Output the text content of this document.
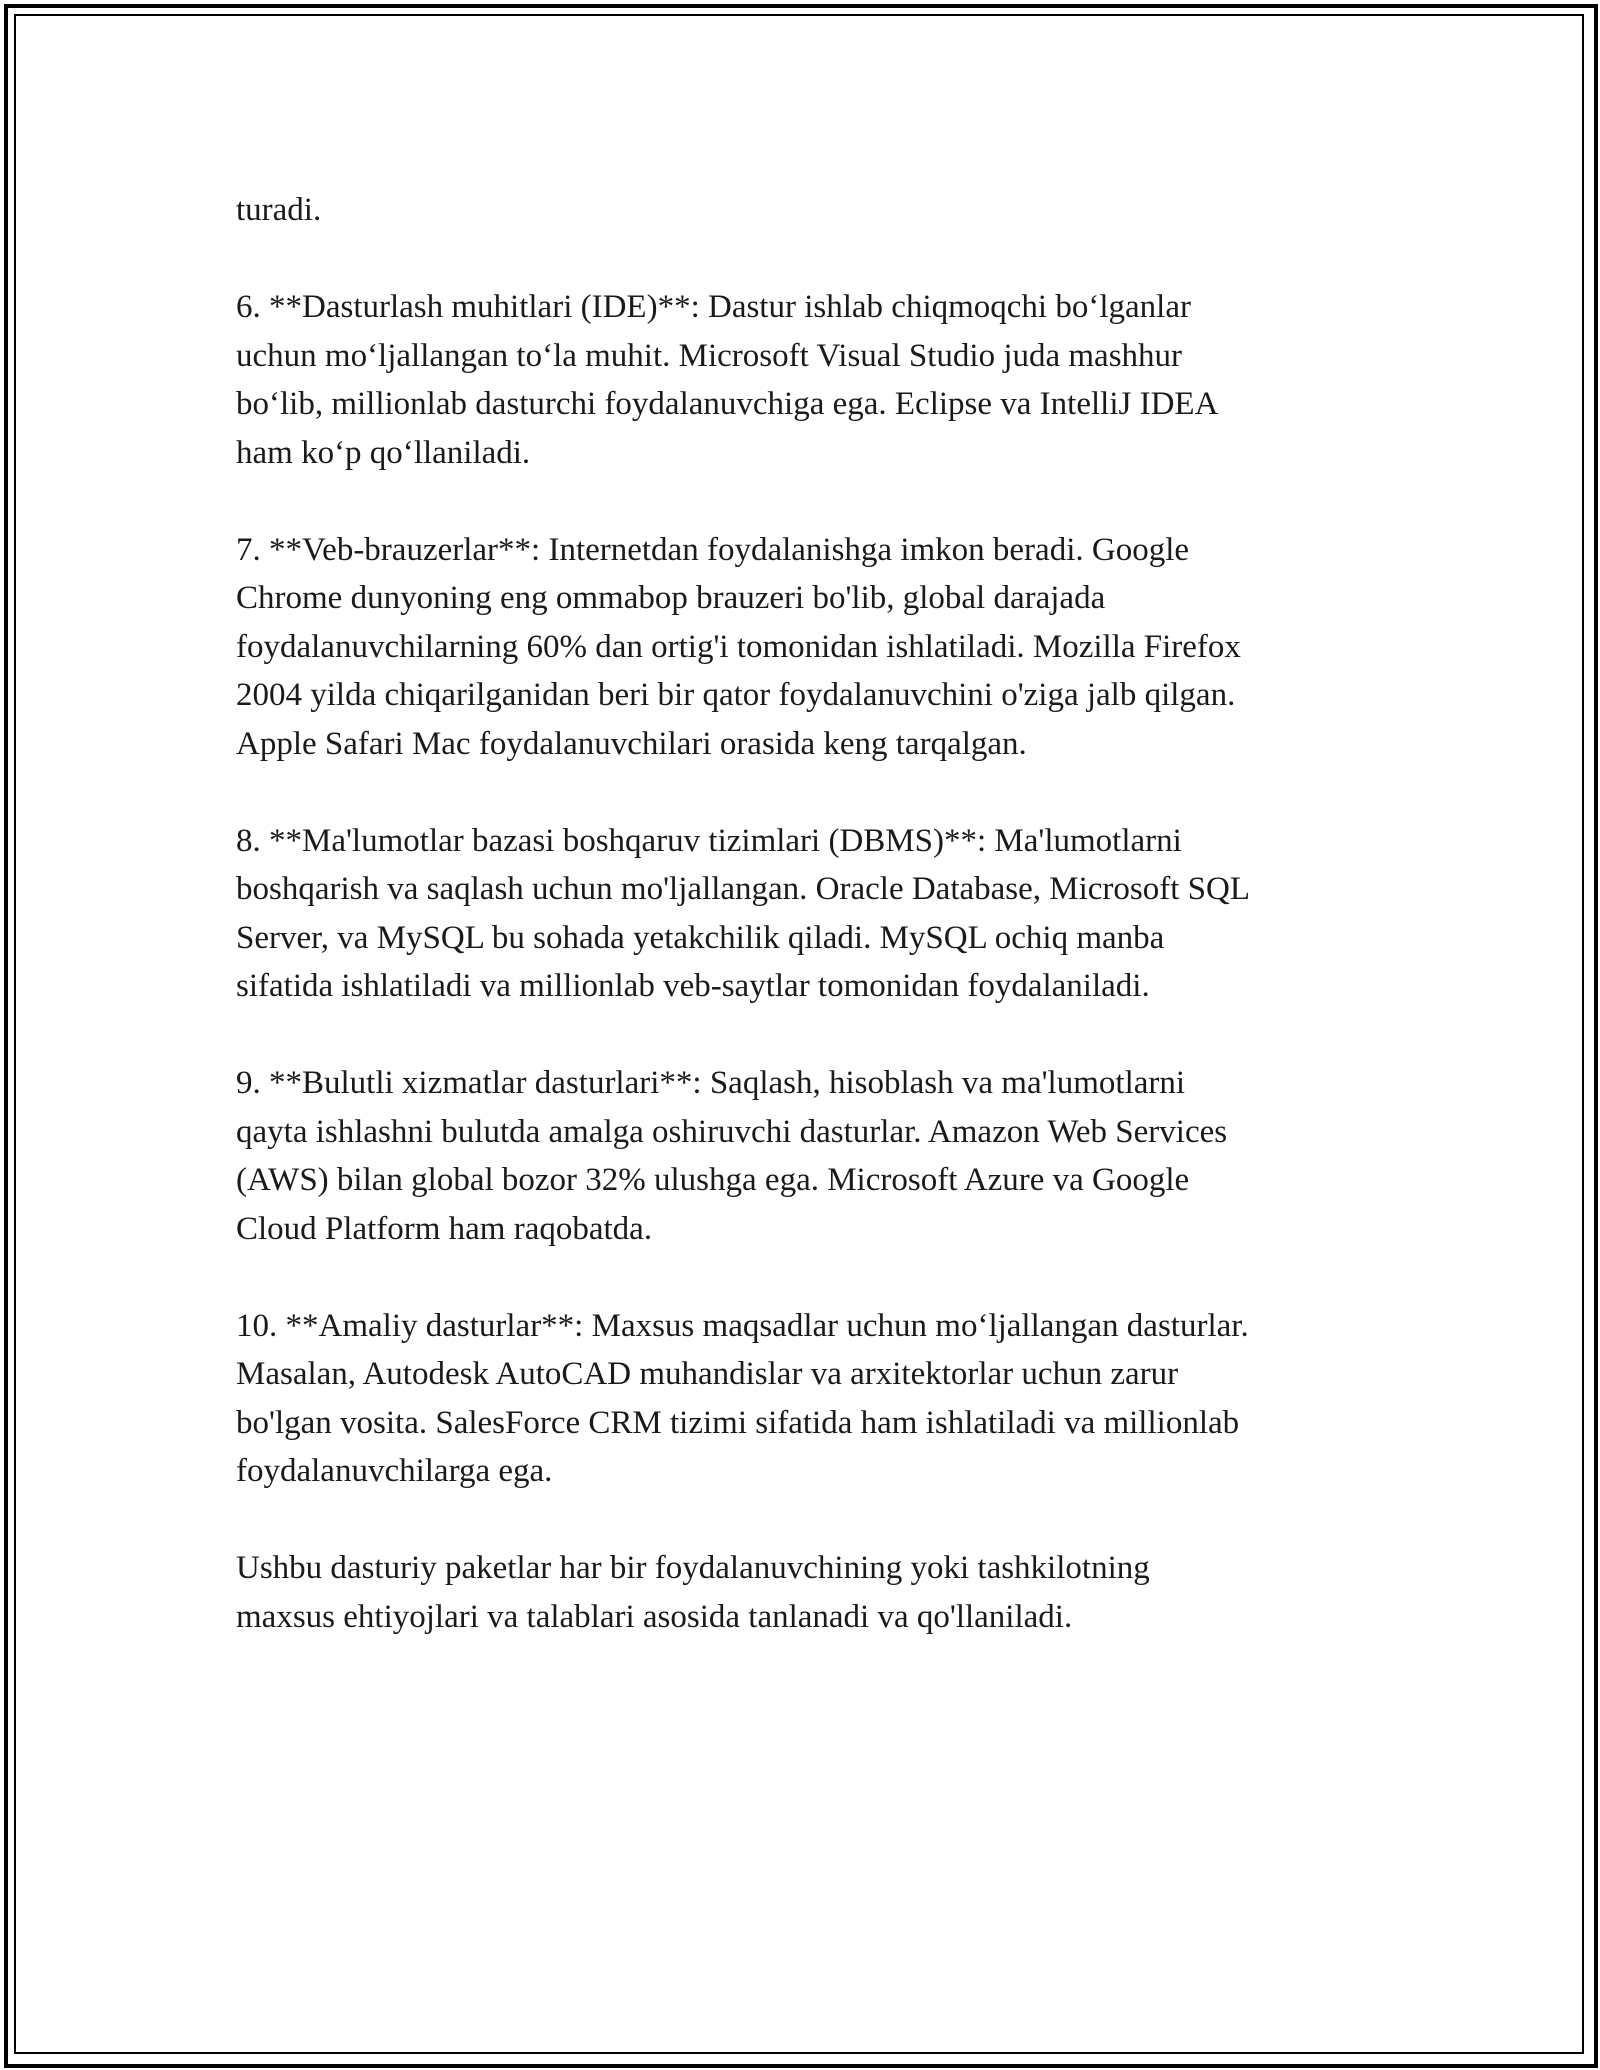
turadi.

6. **Dasturlash muhitlari (IDE)**: Dastur ishlab chiqmoqchi bo‘lganlar
uchun mo‘ljallangan to‘la muhit. Microsoft Visual Studio juda mashhur
bo‘lib, millionlab dasturchi foydalanuvchiga ega. Eclipse va IntelliJ IDEA
ham ko‘p qo‘llaniladi.

7. **Veb-brauzerlar**: Internetdan foydalanishga imkon beradi. Google
Chrome dunyoning eng ommabop brauzeri bo'lib, global darajada
foydalanuvchilarning 60% dan ortig'i tomonidan ishlatiladi. Mozilla Firefox
2004 yilda chiqarilganidan beri bir qator foydalanuvchini o'ziga jalb qilgan.
Apple Safari Mac foydalanuvchilari orasida keng tarqalgan.

8. **Ma'lumotlar bazasi boshqaruv tizimlari (DBMS)**: Ma'lumotlarni
boshqarish va saqlash uchun mo'ljallangan. Oracle Database, Microsoft SQL
Server, va MySQL bu sohada yetakchilik qiladi. MySQL ochiq manba
sifatida ishlatiladi va millionlab veb-saytlar tomonidan foydalaniladi.

9. **Bulutli xizmatlar dasturlari**: Saqlash, hisoblash va ma'lumotlarni
qayta ishlashni bulutda amalga oshiruvchi dasturlar. Amazon Web Services
(AWS) bilan global bozor 32% ulushga ega. Microsoft Azure va Google
Cloud Platform ham raqobatda.

10. **Amaliy dasturlar**: Maxsus maqsadlar uchun mo‘ljallangan dasturlar.
Masalan, Autodesk AutoCAD muhandislar va arxitektorlar uchun zarur
bo'lgan vosita. SalesForce CRM tizimi sifatida ham ishlatiladi va millionlab
foydalanuvchilarga ega.

Ushbu dasturiy paketlar har bir foydalanuvchining yoki tashkilotning
maxsus ehtiyojlari va talablari asosida tanlanadi va qo'llaniladi.
